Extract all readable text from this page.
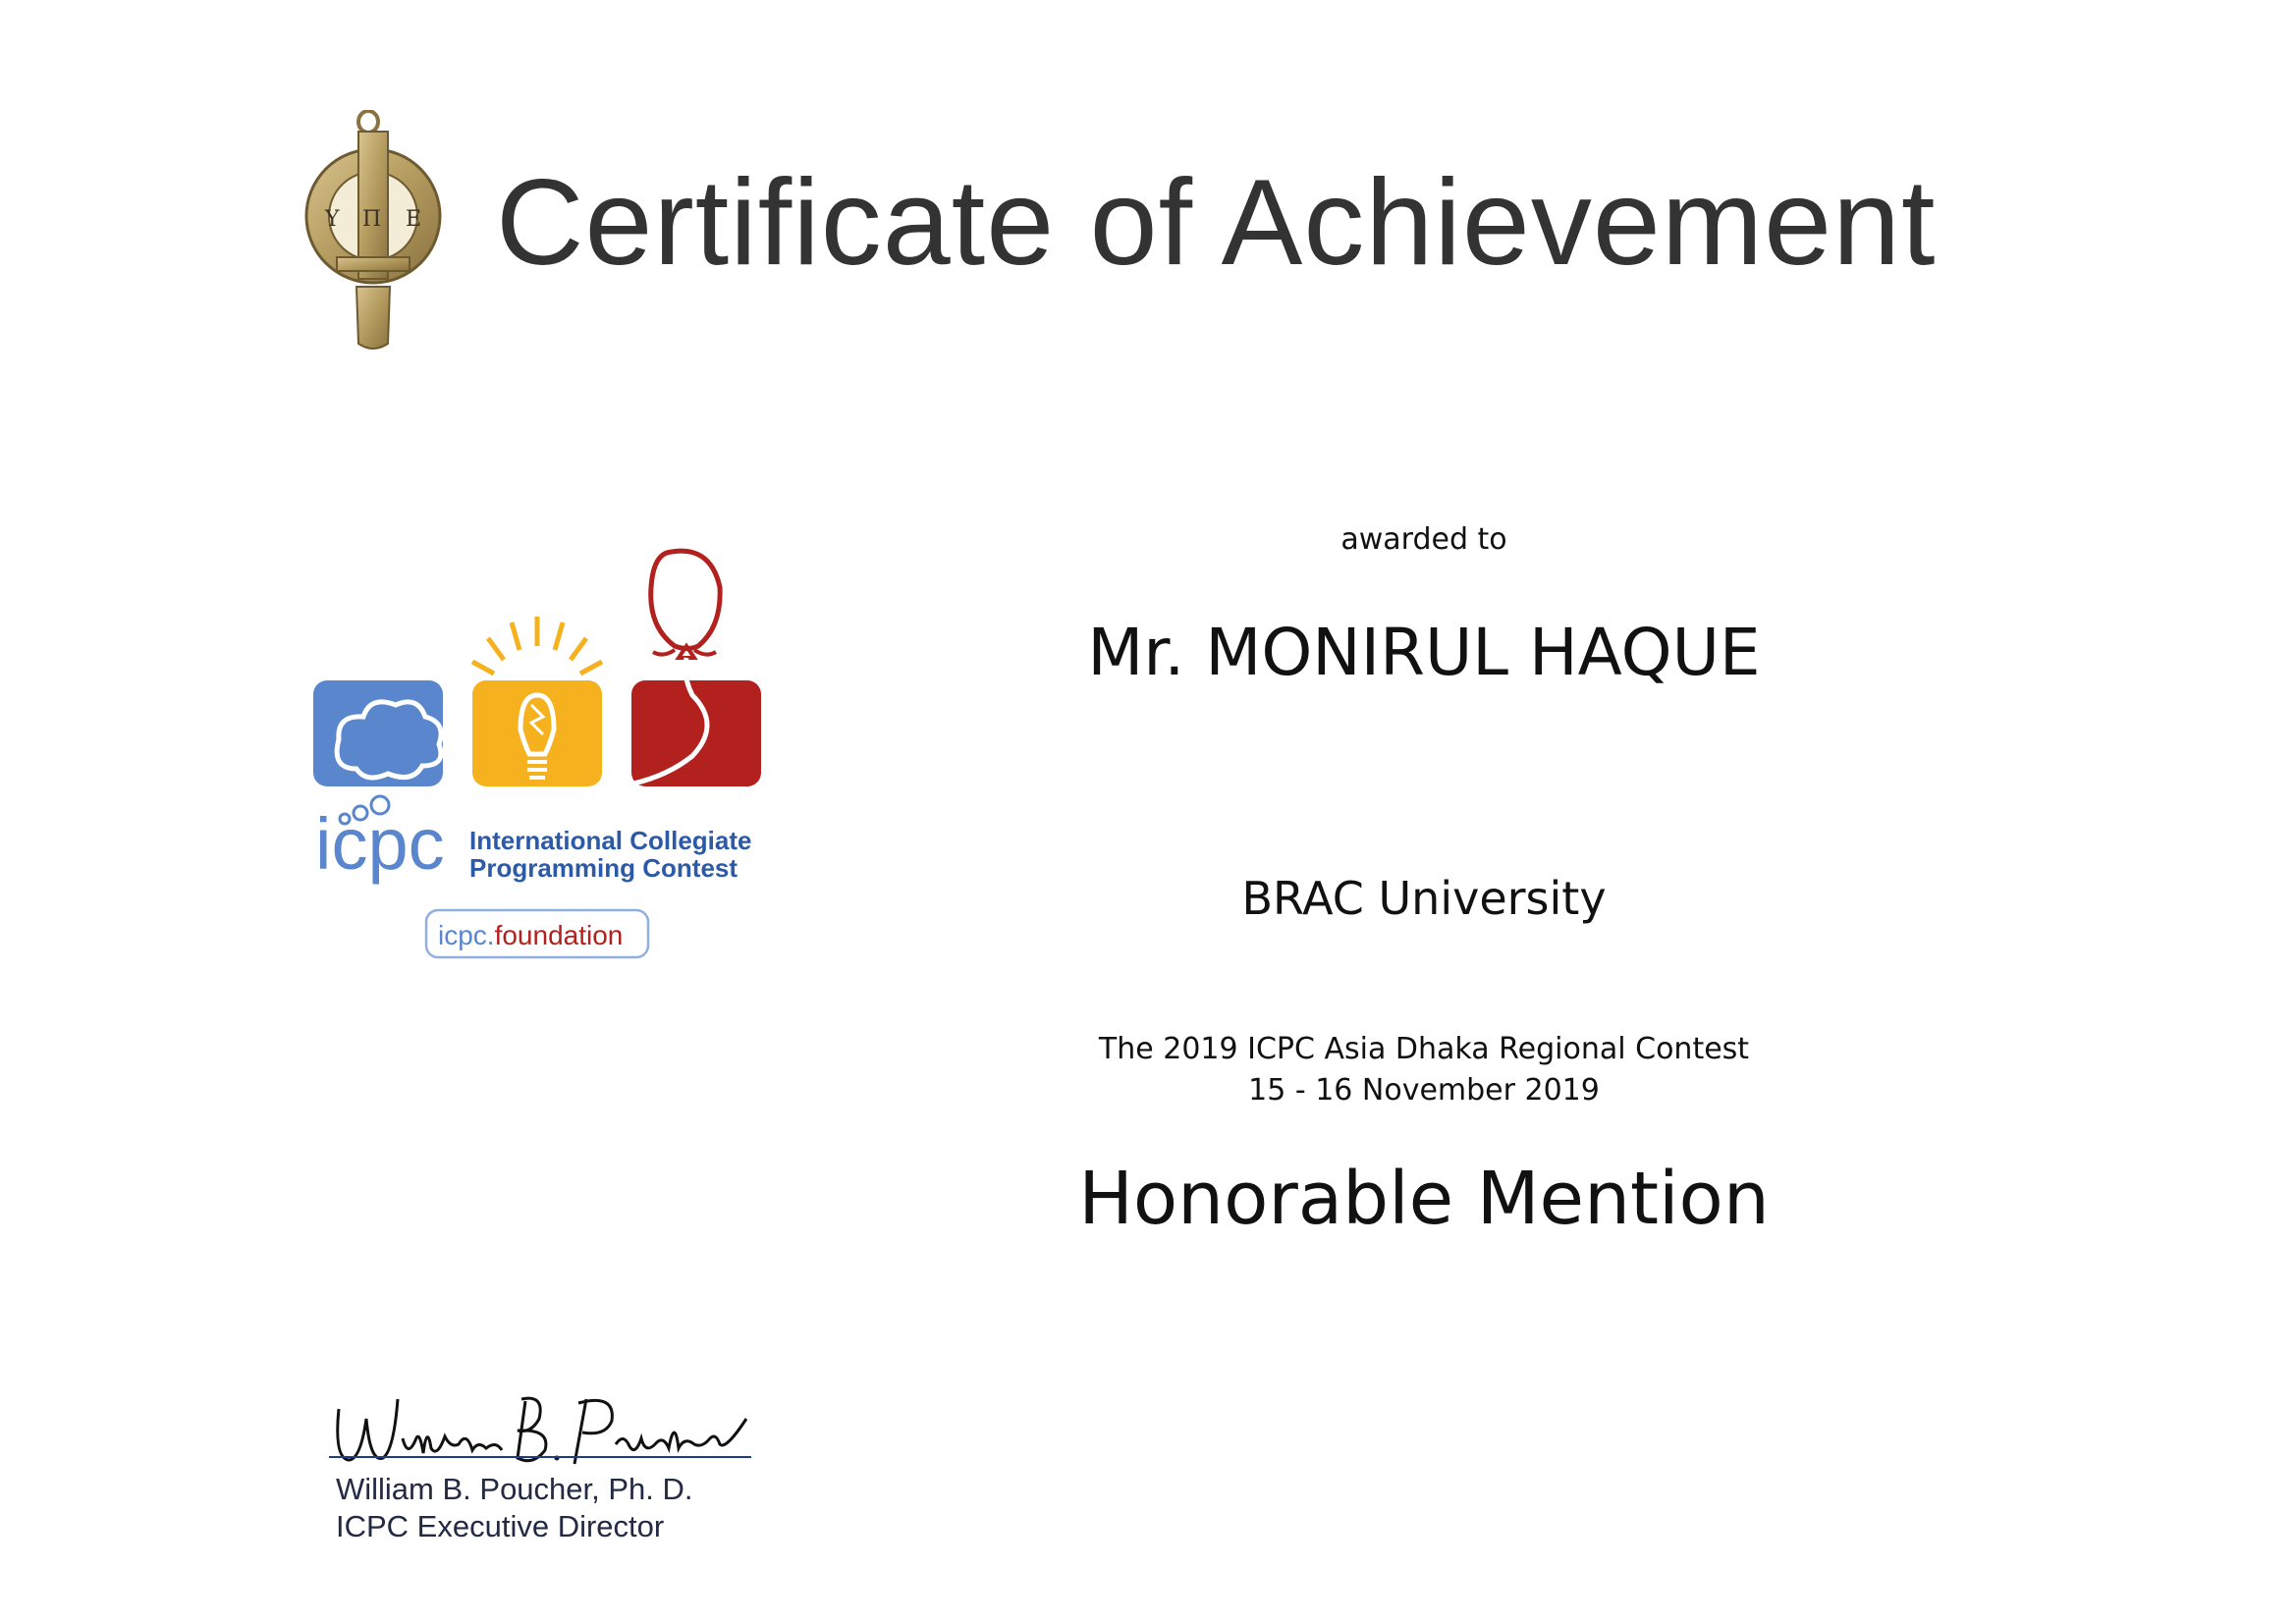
Υ Π Ε Certificate of Achievement
icpc International Collegiate
Programming Contest
icpc.foundation
awarded to
Mr. MONIRUL HAQUE
BRAC University
The 2019 ICPC Asia Dhaka Regional Contest
15 - 16 November 2019
Honorable Mention
William B. Poucher, Ph. D.
ICPC Executive Director
